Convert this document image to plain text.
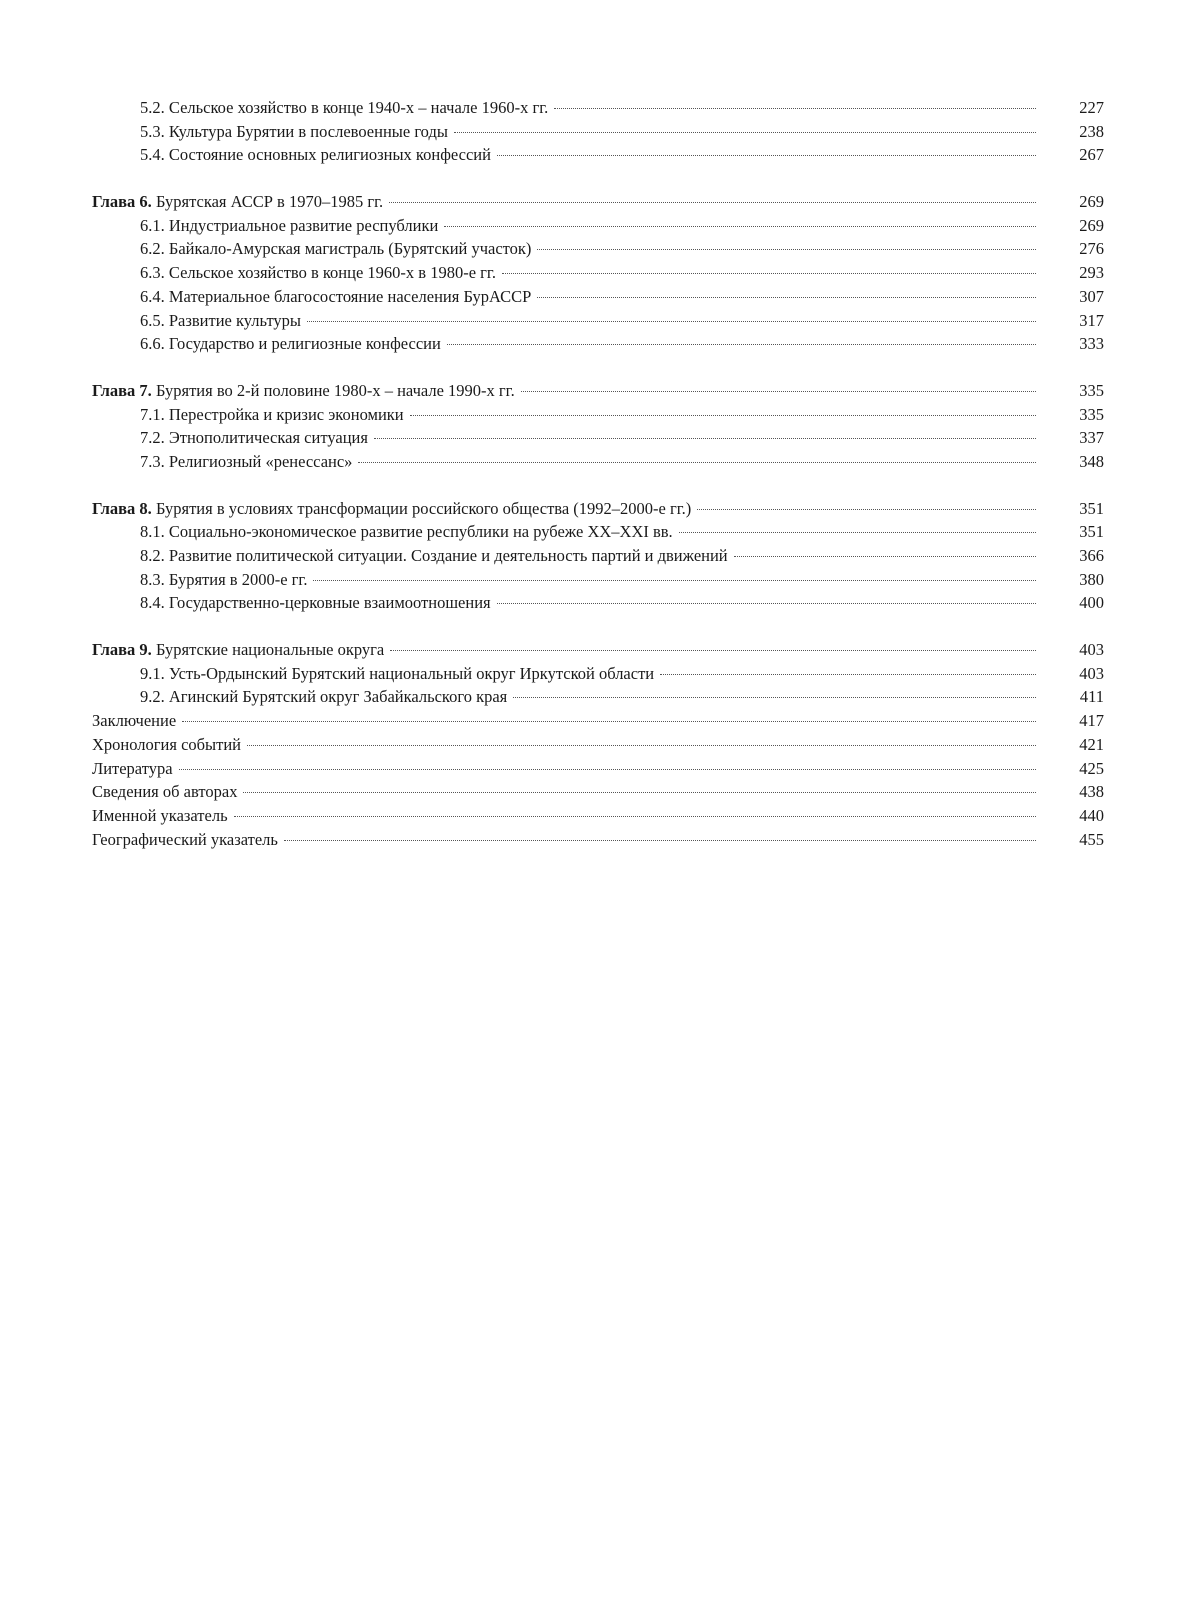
5.2. Сельское хозяйство в конце 1940-х – начале 1960-х гг.	227
5.3. Культура Бурятии в послевоенные годы	238
5.4. Состояние основных религиозных конфессий	267
Глава 6. Бурятская АССР в 1970–1985 гг.	269
6.1. Индустриальное развитие республики	269
6.2. Байкало-Амурская магистраль (Бурятский участок)	276
6.3. Сельское хозяйство в конце 1960-х в 1980-е гг.	293
6.4. Материальное благосостояние населения БурАССР	307
6.5. Развитие культуры	317
6.6. Государство и религиозные конфессии	333
Глава 7. Бурятия во 2-й половине 1980-х – начале 1990-х гг.	335
7.1. Перестройка и кризис экономики	335
7.2. Этнополитическая ситуация	337
7.3. Религиозный «ренессанс»	348
Глава 8. Бурятия в условиях трансформации российского общества (1992–2000-е гг.)	351
8.1. Социально-экономическое развитие республики на рубеже XX–XXI вв.	351
8.2. Развитие политической ситуации. Создание и деятельность партий и движений	366
8.3. Бурятия в 2000-е гг.	380
8.4. Государственно-церковные взаимоотношения	400
Глава 9. Бурятские национальные округа	403
9.1. Усть-Ордынский Бурятский национальный округ Иркутской области	403
9.2. Агинский Бурятский округ Забайкальского края	411
Заключение	417
Хронология событий	421
Литература	425
Сведения об авторах	438
Именной указатель	440
Географический указатель	455
